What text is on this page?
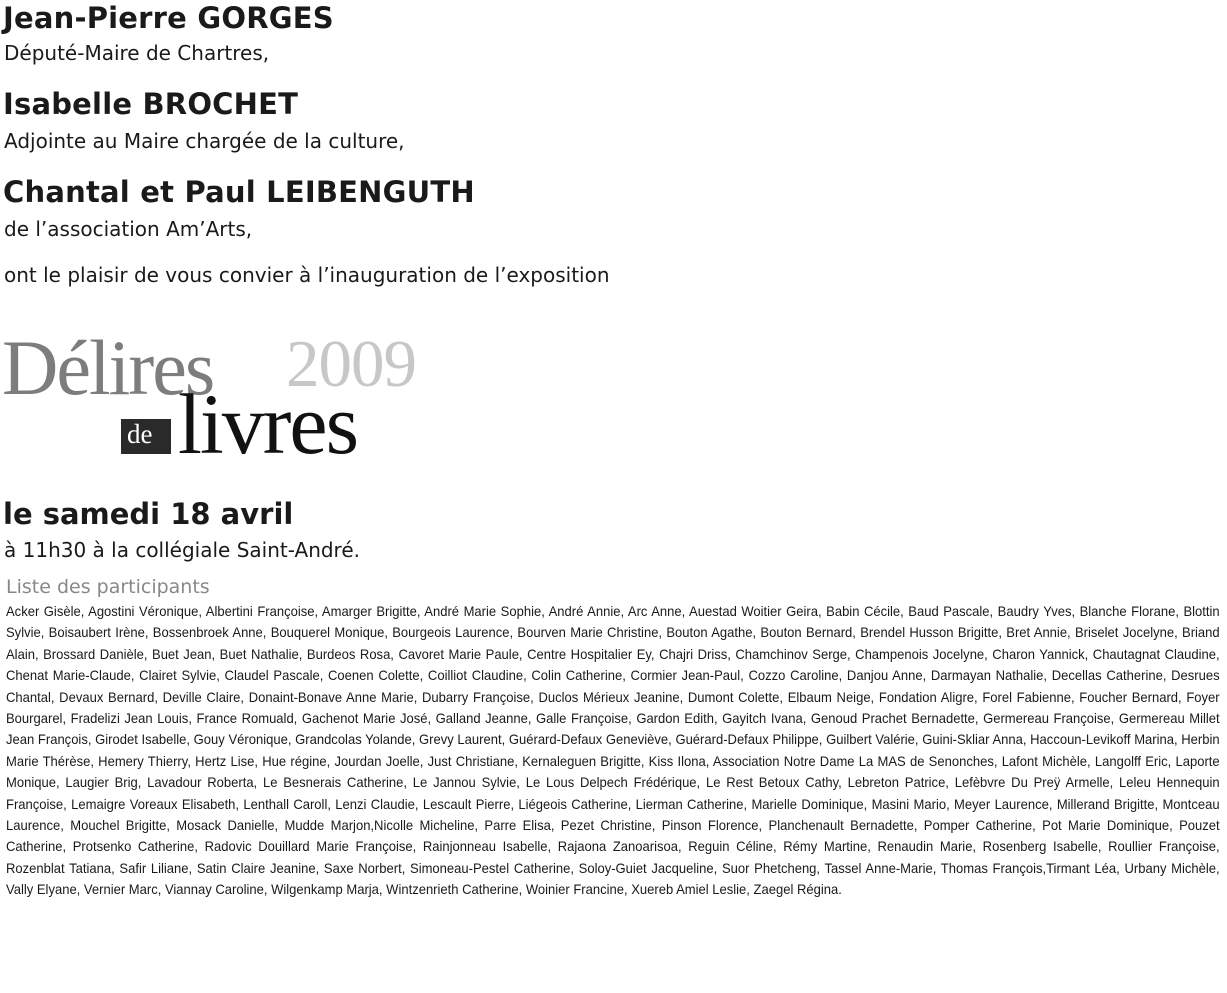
Jean-Pierre GORGES
Député-Maire de Chartres,
Isabelle BROCHET
Adjointe au Maire chargée de la culture,
Chantal et Paul LEIBENGUTH
de l’association Am’Arts,
ont le plaisir de vous convier à l’inauguration de l’exposition
2009
Délires
de livres
le samedi 18 avril
à 11h30 à la collégiale Saint-André.
Liste des participants
Acker Gisèle, Agostini Véronique, Albertini Françoise, Amarger Brigitte, André Marie Sophie, André Annie, Arc Anne, Auestad Woitier Geira, Babin Cécile, Baud Pascale, Baudry Yves, Blanche Florane, Blottin Sylvie, Boisaubert Irène, Bossenbroek Anne, Bouquerel Monique, Bourgeois Laurence, Bourven Marie Christine, Bouton Agathe, Bouton Bernard, Brendel Husson Brigitte, Bret Annie, Briselet Jocelyne, Briand Alain, Brossard Danièle, Buet Jean, Buet Nathalie, Burdeos Rosa, Cavoret Marie Paule, Centre Hospitalier Ey, Chajri Driss, Chamchinov Serge, Champenois Jocelyne, Charon Yannick, Chautagnat Claudine, Chenat Marie-Claude, Clairet Sylvie, Claudel Pascale, Coenen Colette, Coilliot Claudine, Colin Catherine, Cormier Jean-Paul, Cozzo Caroline, Danjou Anne, Darmayan Nathalie, Decellas Catherine, Desrues Chantal, Devaux Bernard, Deville Claire, Donaint-Bonave Anne Marie, Dubarry Françoise, Duclos Mérieux Jeanine, Dumont Colette, Elbaum Neige, Fondation Aligre, Forel Fabienne, Foucher Bernard, Foyer Bourgarel, Fradelizi Jean Louis, France Romuald, Gachenot Marie José, Galland Jeanne, Galle Françoise, Gardon Edith, Gayitch Ivana, Genoud Prachet Bernadette, Germereau Françoise, Germereau Millet Jean François, Girodet Isabelle, Gouy Véronique, Grandcolas Yolande, Grevy Laurent, Guérard-Defaux Geneviève, Guérard-Defaux Philippe, Guilbert Valérie, Guini-Skliar Anna, Haccoun-Levikoff Marina, Herbin Marie Thérèse, Hemery Thierry, Hertz Lise, Hue régine, Jourdan Joelle, Just Christiane, Kernaleguen Brigitte, Kiss Ilona, Association Notre Dame La MAS de Senonches, Lafont Michèle, Langolff Eric, Laporte Monique, Laugier Brig, Lavadour Roberta, Le Besnerais Catherine, Le Jannou Sylvie, Le Lous Delpech Frédérique, Le Rest Betoux Cathy, Lebreton Patrice, Lefèbvre Du Preÿ Armelle, Leleu Hennequin Françoise, Lemaigre Voreaux Elisabeth, Lenthall Caroll, Lenzi Claudie, Lescault Pierre, Liégeois Catherine, Lierman Catherine, Marielle Dominique, Masini Mario, Meyer Laurence, Millerand Brigitte, Montceau Laurence, Mouchel Brigitte, Mosack Danielle, Mudde Marjon,Nicolle Micheline, Parre Elisa, Pezet Christine, Pinson Florence, Planchenault Bernadette, Pomper Catherine, Pot Marie Dominique, Pouzet Catherine, Protsenko Catherine, Radovic Douillard Marie Françoise, Rainjonneau Isabelle, Rajaona Zanoarisoa, Reguin Céline, Rémy Martine, Renaudin Marie, Rosenberg Isabelle, Roullier Françoise, Rozenblat Tatiana, Safir Liliane, Satin Claire Jeanine, Saxe Norbert, Simoneau-Pestel Catherine, Soloy-Guiet Jacqueline, Suor Phetcheng, Tassel Anne-Marie, Thomas François,Tirmant Léa, Urbany Michèle, Vally Elyane, Vernier Marc, Viannay Caroline, Wilgenkamp Marja, Wintzenrieth Catherine, Woinier Francine, Xuereb Amiel Leslie, Zaegel Régina.
